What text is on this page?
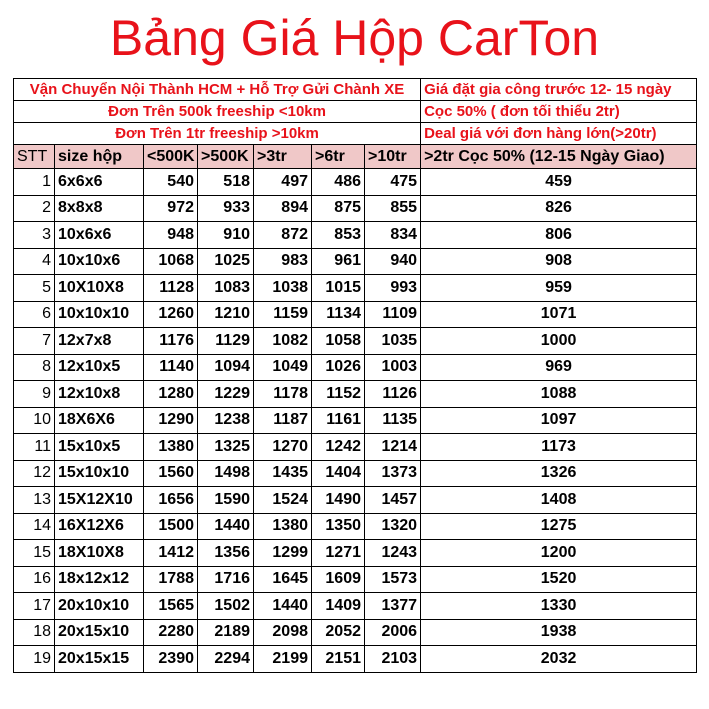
Bảng Giá Hộp CarTon
Vận Chuyển Nội Thành HCM + Hỗ Trợ Gửi Chành XE							Giá đặt gia công trước 12- 15 ngày
Đơn Trên 500k freeship <10km							Cọc 50% ( đơn tối thiểu 2tr)
Đơn Trên 1tr freeship >10km							Deal giá với đơn hàng lớn(>20tr)
STT	size hộp	<500K	>500K	>3tr	>6tr	>10tr	>2tr Cọc 50% (12-15 Ngày Giao)
1	6x6x6	540	518	497	486	475	459
2	8x8x8	972	933	894	875	855	826
3	10x6x6	948	910	872	853	834	806
4	10x10x6	1068	1025	983	961	940	908
5	10X10X8	1128	1083	1038	1015	993	959
6	10x10x10	1260	1210	1159	1134	1109	1071
7	12x7x8	1176	1129	1082	1058	1035	1000
8	12x10x5	1140	1094	1049	1026	1003	969
9	12x10x8	1280	1229	1178	1152	1126	1088
10	18X6X6	1290	1238	1187	1161	1135	1097
11	15x10x5	1380	1325	1270	1242	1214	1173
12	15x10x10	1560	1498	1435	1404	1373	1326
13	15X12X10	1656	1590	1524	1490	1457	1408
14	16X12X6	1500	1440	1380	1350	1320	1275
15	18X10X8	1412	1356	1299	1271	1243	1200
16	18x12x12	1788	1716	1645	1609	1573	1520
17	20x10x10	1565	1502	1440	1409	1377	1330
18	20x15x10	2280	2189	2098	2052	2006	1938
19	20x15x15	2390	2294	2199	2151	2103	2032
